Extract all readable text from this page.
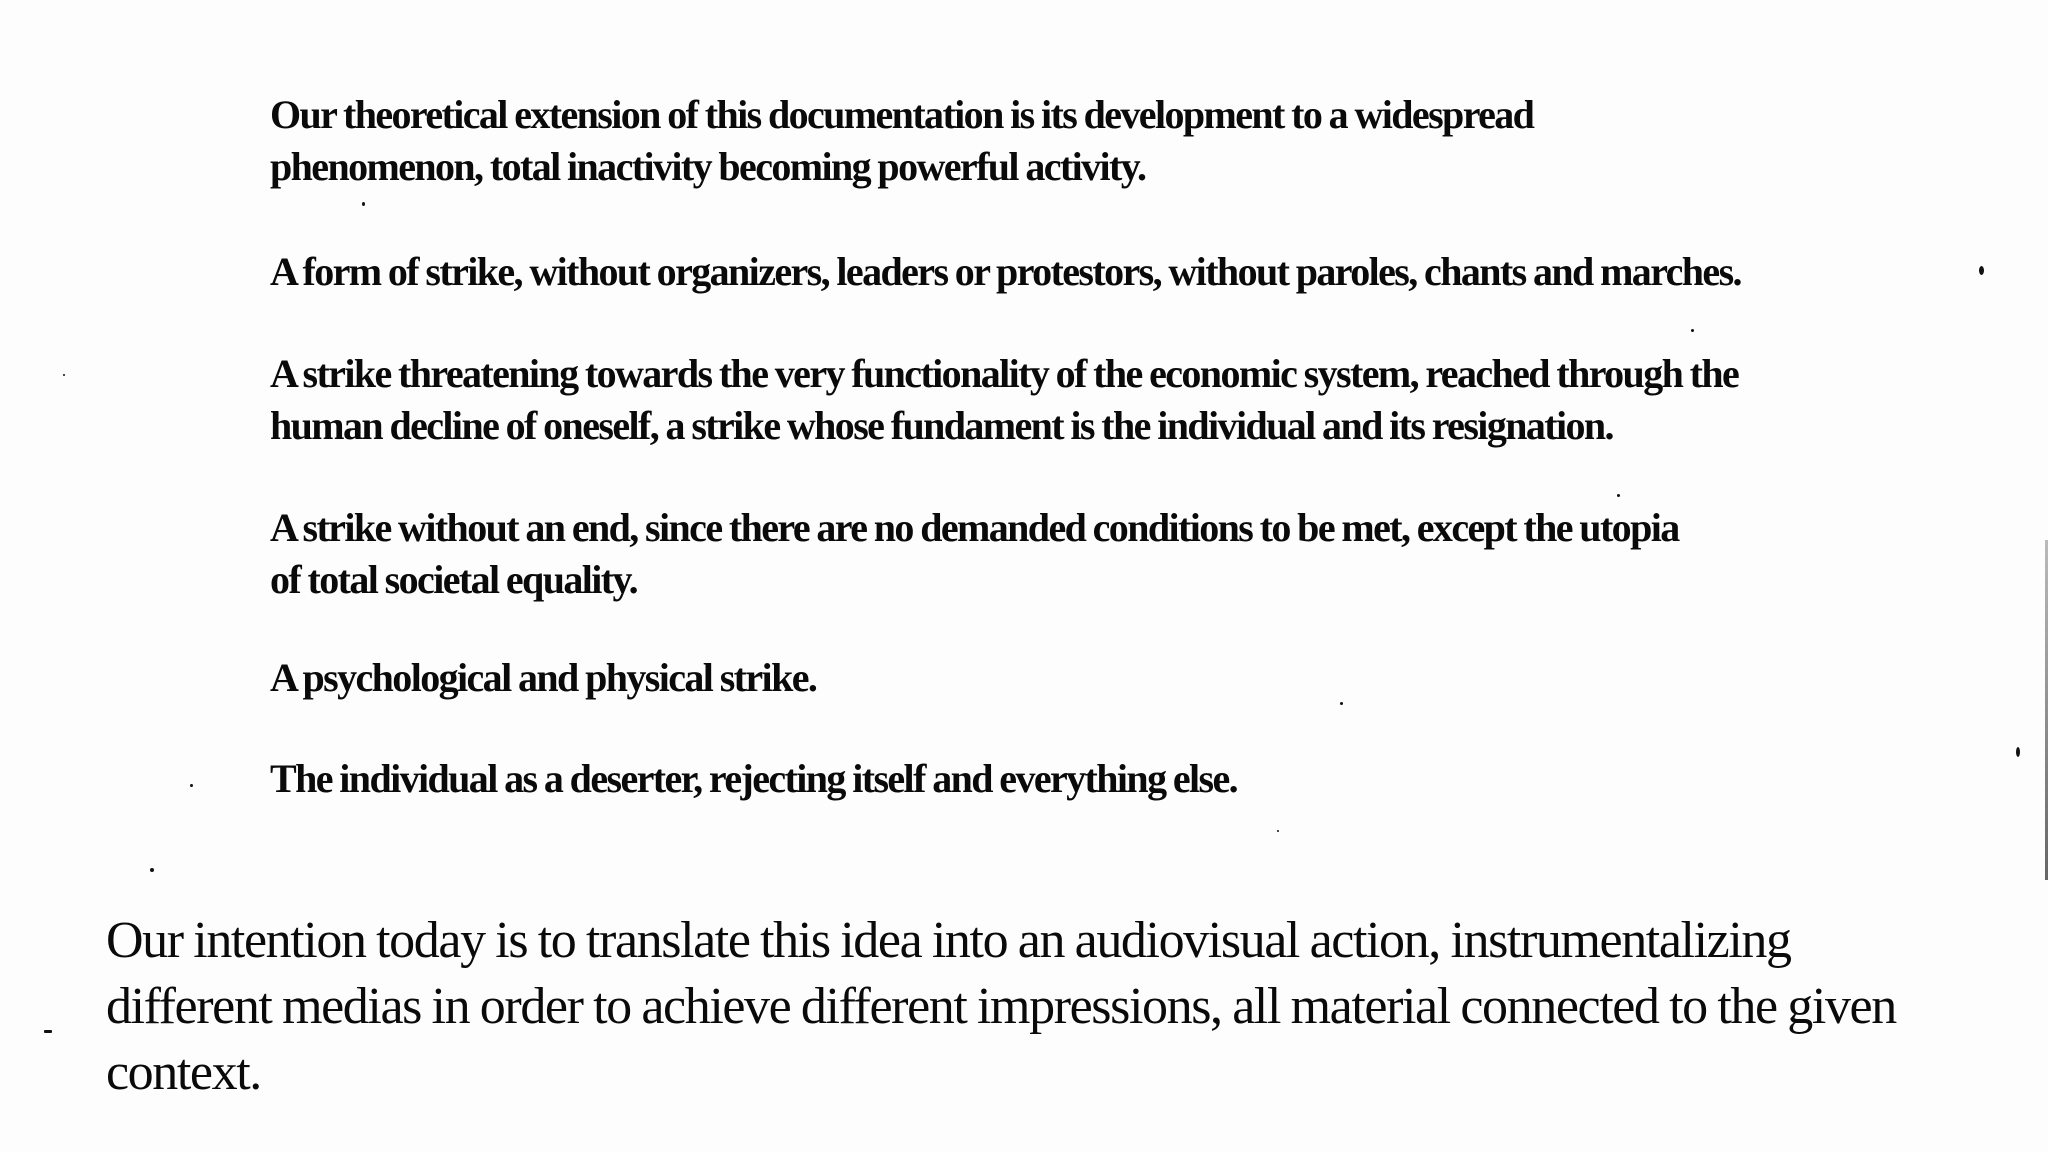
Our theoretical extension of this documentation is its development to a widespread
phenomenon, total inactivity becoming powerful activity.
A form of strike, without organizers, leaders or protestors, without paroles, chants and marches.
A strike threatening towards the very functionality of the economic system, reached through the
human decline of oneself, a strike whose fundament is the individual and its resignation.
A strike without an end, since there are no demanded conditions to be met, except the utopia
of total societal equality.
A psychological and physical strike.
The individual as a deserter, rejecting itself and everything else.
Our intention today is to translate this idea into an audiovisual action, instrumentalizing
different medias in order to achieve different impressions, all material connected to the given
context.
